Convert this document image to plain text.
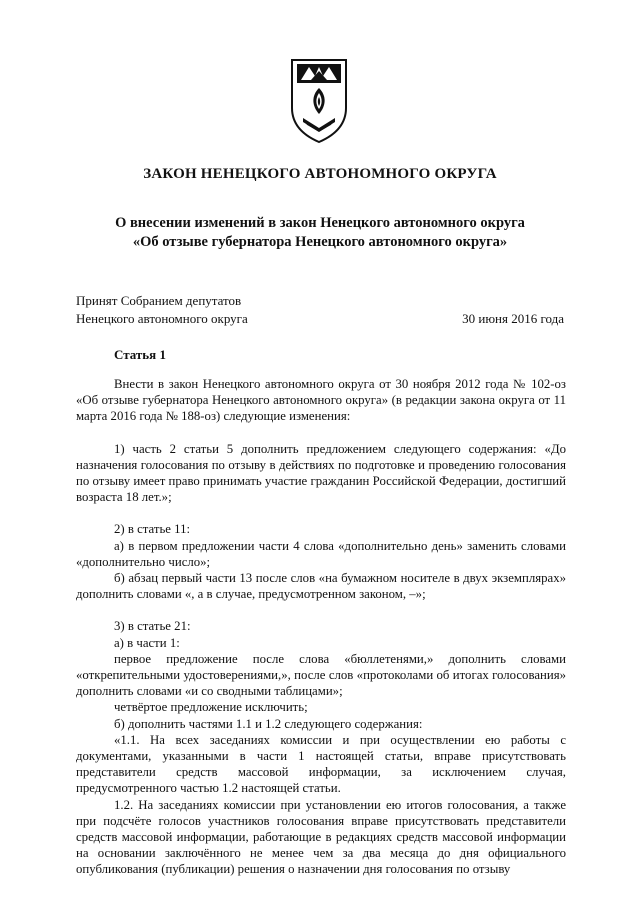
ЗАКОН НЕНЕЦКОГО АВТОНОМНОГО ОКРУГА
О внесении изменений в закон Ненецкого автономного округа
«Об отзыве губернатора Ненецкого автономного округа»
Принят Собранием депутатов
Ненецкого автономного округа	30 июня 2016 года
Статья 1

Внести в закон Ненецкого автономного округа от 30 ноября 2012 года № 102-оз «Об отзыве губернатора Ненецкого автономного округа» (в редакции закона округа от 11 марта 2016 года № 188-оз) следующие изменения:

1) часть 2 статьи 5 дополнить предложением следующего содержания: «До назначения голосования по отзыву в действиях по подготовке и проведению голосования по отзыву имеет право принимать участие гражданин Российской Федерации, достигший возраста 18 лет.»;

2) в статье 11:

а) в первом предложении части 4 слова «дополнительно день» заменить словами «дополнительно число»;

б) абзац первый части 13 после слов «на бумажном носителе в двух экземплярах» дополнить словами «, а в случае, предусмотренном законом, –»;

3) в статье 21:

а) в части 1:

первое предложение после слова «бюллетенями,» дополнить словами «открепительными удостоверениями,», после слов «протоколами об итогах голосования» дополнить словами «и со сводными таблицами»;

четвёртое предложение исключить;

б) дополнить частями 1.1 и 1.2 следующего содержания:

«1.1. На всех заседаниях комиссии и при осуществлении ею работы с документами, указанными в части 1 настоящей статьи, вправе присутствовать представители средств массовой информации, за исключением случая, предусмотренного частью 1.2 настоящей статьи.

1.2. На заседаниях комиссии при установлении ею итогов голосования, а также при подсчёте голосов участников голосования вправе присутствовать представители средств массовой информации, работающие в редакциях средств массовой информации на основании заключённого не менее чем за два месяца до дня официального опубликования (публикации) решения о назначении дня голосования по отзыву
